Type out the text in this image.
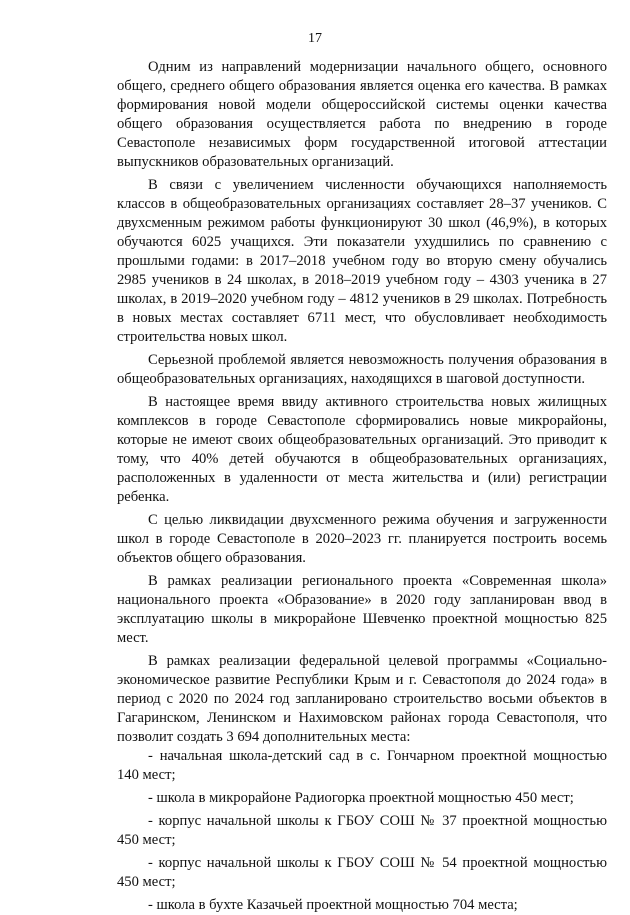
17

Одним из направлений модернизации начального общего, основного общего, среднего общего образования является оценка его качества. В рамках формирования новой модели общероссийской системы оценки качества общего образования осуществляется работа по внедрению в городе Севастополе независимых форм государственной итоговой аттестации выпускников образовательных организаций.

В связи с увеличением численности обучающихся наполняемость классов в общеобразовательных организациях составляет 28–37 учеников. С двухсменным режимом работы функционируют 30 школ (46,9%), в которых обучаются 6025 учащихся. Эти показатели ухудшились по сравнению с прошлыми годами: в 2017–2018 учебном году во вторую смену обучались 2985 учеников в 24 школах, в 2018–2019 учебном году – 4303 ученика в 27 школах, в 2019–2020 учебном году – 4812 учеников в 29 школах. Потребность в новых местах составляет 6711 мест, что обусловливает необходимость строительства новых школ.

Серьезной проблемой является невозможность получения образования в общеобразовательных организациях, находящихся в шаговой доступности.

В настоящее время ввиду активного строительства новых жилищных комплексов в городе Севастополе сформировались новые микрорайоны, которые не имеют своих общеобразовательных организаций. Это приводит к тому, что 40% детей обучаются в общеобразовательных организациях, расположенных в удаленности от места жительства и (или) регистрации ребенка.

С целью ликвидации двухсменного режима обучения и загруженности школ в городе Севастополе в 2020–2023 гг. планируется построить восемь объектов общего образования.

В рамках реализации регионального проекта «Современная школа» национального проекта «Образование» в 2020 году запланирован ввод в эксплуатацию школы в микрорайоне Шевченко проектной мощностью 825 мест.

В рамках реализации федеральной целевой программы «Социально-экономическое развитие Республики Крым и г. Севастополя до 2024 года» в период с 2020 по 2024 год запланировано строительство восьми объектов в Гагаринском, Ленинском и Нахимовском районах города Севастополя, что позволит создать 3 694 дополнительных места:

- начальная школа-детский сад в с. Гончарном проектной мощностью 140 мест;

- школа в микрорайоне Радиогорка проектной мощностью 450 мест;

- корпус начальной школы к ГБОУ СОШ № 37 проектной мощностью 450 мест;

- корпус начальной школы к ГБОУ СОШ № 54 проектной мощностью 450 мест;

- школа в бухте Казачьей проектной мощностью 704 места;
